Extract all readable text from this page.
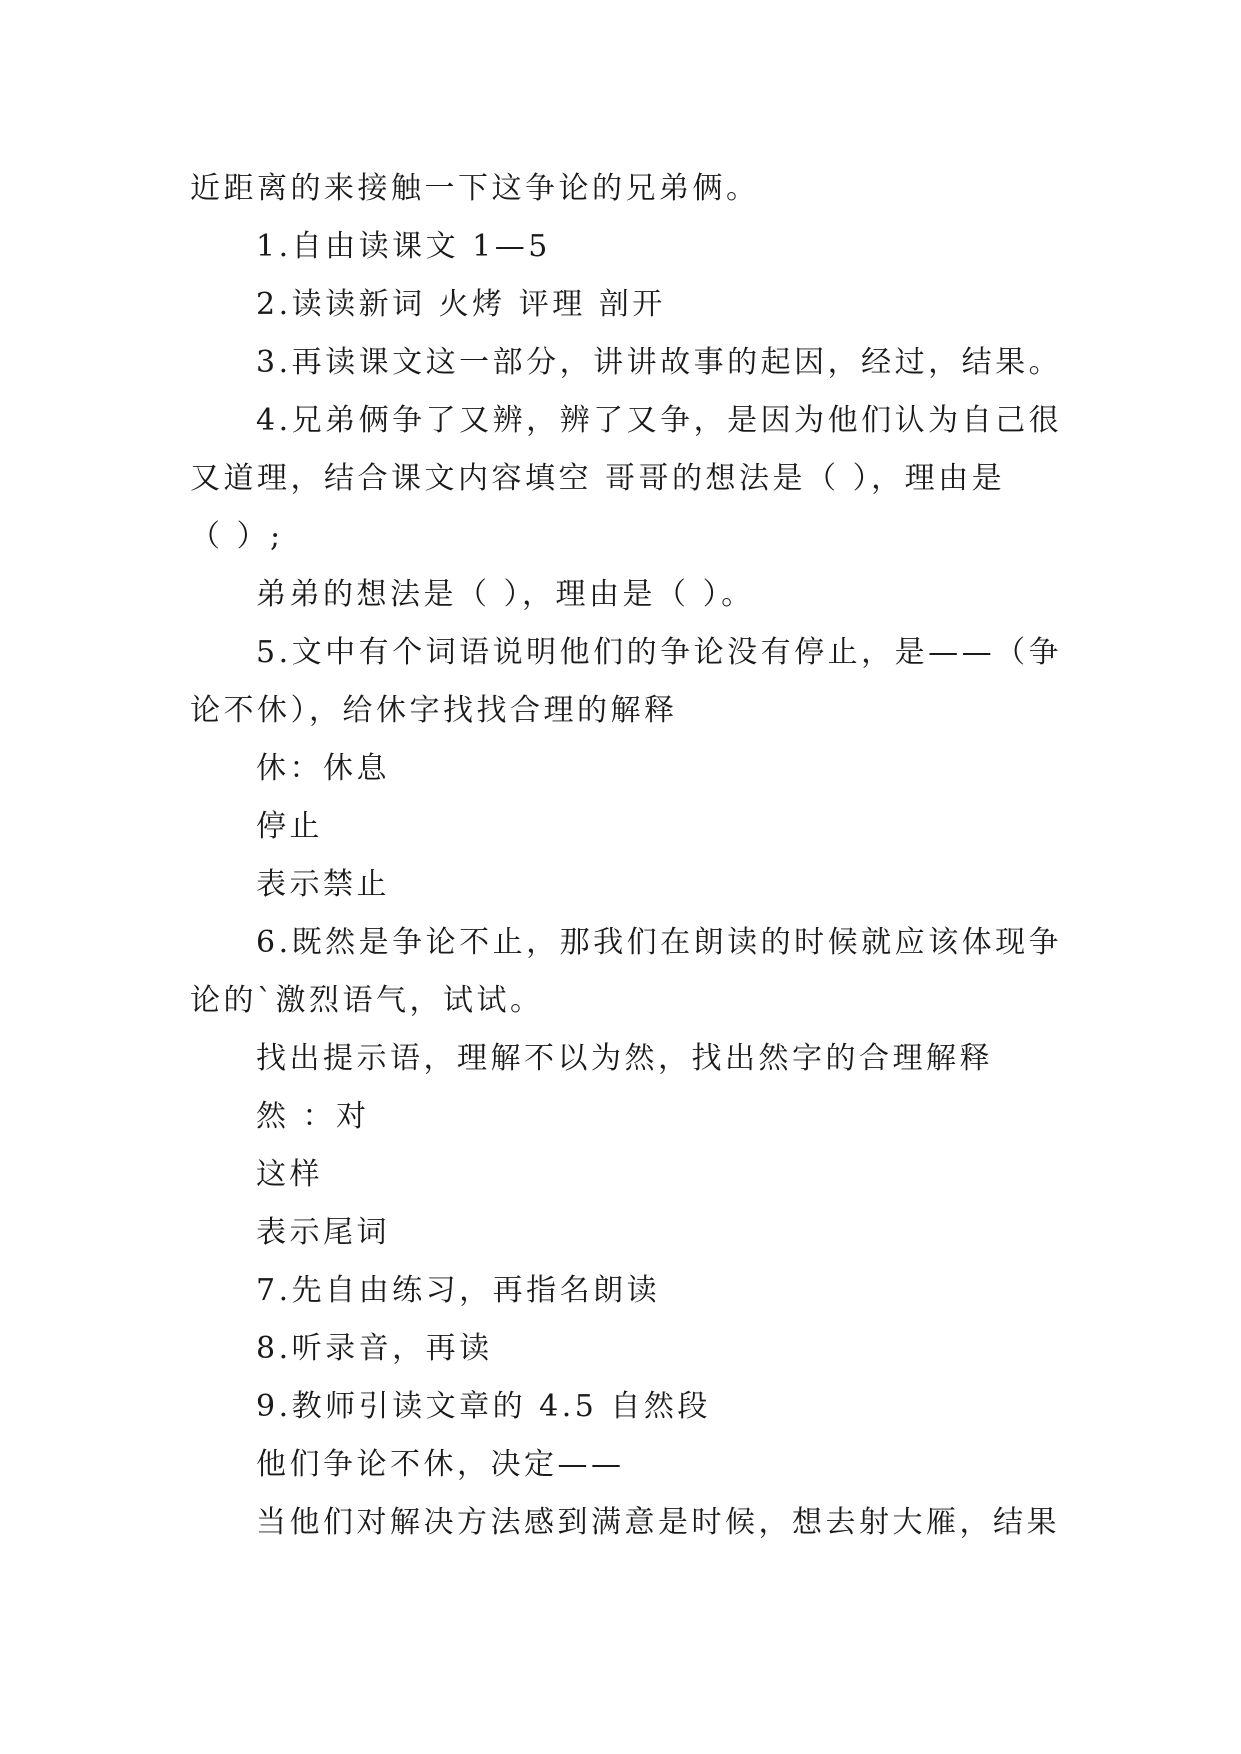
近距离的来接触一下这争论的兄弟俩。
1.自由读课文 1—5
2.读读新词 火烤 评理 剖开
3.再读课文这一部分，讲讲故事的起因，经过，结果。
4.兄弟俩争了又辨，辨了又争，是因为他们认为自己很
又道理，结合课文内容填空 哥哥的想法是（ ），理由是
（ ）;
弟弟的想法是（ ），理由是（ ）。
5.文中有个词语说明他们的争论没有停止，是——（争
论不休），给休字找找合理的解释
休：休息
停止
表示禁止
6.既然是争论不止，那我们在朗读的时候就应该体现争
论的`激烈语气，试试。
找出提示语，理解不以为然，找出然字的合理解释
然 ：对
这样
表示尾词
7.先自由练习，再指名朗读
8.听录音，再读
9.教师引读文章的 4.5 自然段
他们争论不休，决定——
当他们对解决方法感到满意是时候，想去射大雁，结果
